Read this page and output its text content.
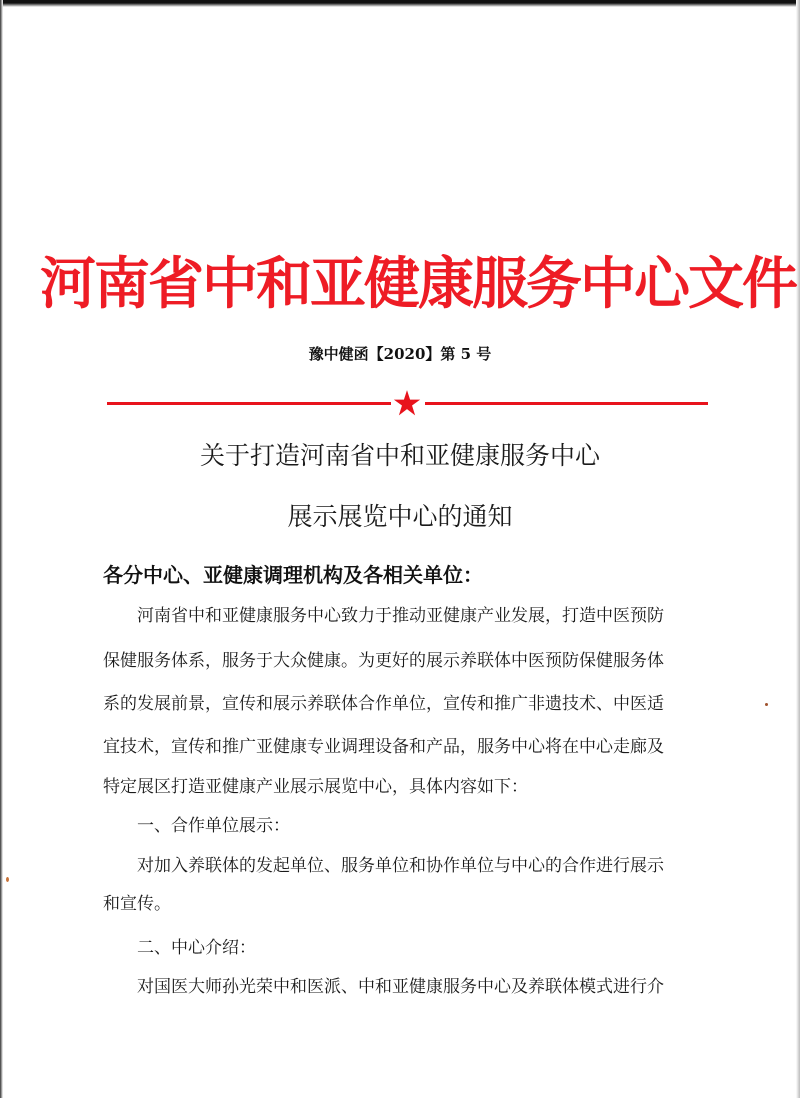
河南省中和亚健康服务中心文件
豫中健函【2020】第 5 号
关于打造河南省中和亚健康服务中心
展示展览中心的通知
各分中心、亚健康调理机构及各相关单位：
河南省中和亚健康服务中心致力于推动亚健康产业发展，打造中医预防
保健服务体系，服务于大众健康。为更好的展示养联体中医预防保健服务体
系的发展前景，宣传和展示养联体合作单位，宣传和推广非遗技术、中医适
宜技术，宣传和推广亚健康专业调理设备和产品，服务中心将在中心走廊及
特定展区打造亚健康产业展示展览中心，具体内容如下：
一、合作单位展示：
对加入养联体的发起单位、服务单位和协作单位与中心的合作进行展示
和宣传。
二、中心介绍：
对国医大师孙光荣中和医派、中和亚健康服务中心及养联体模式进行介
